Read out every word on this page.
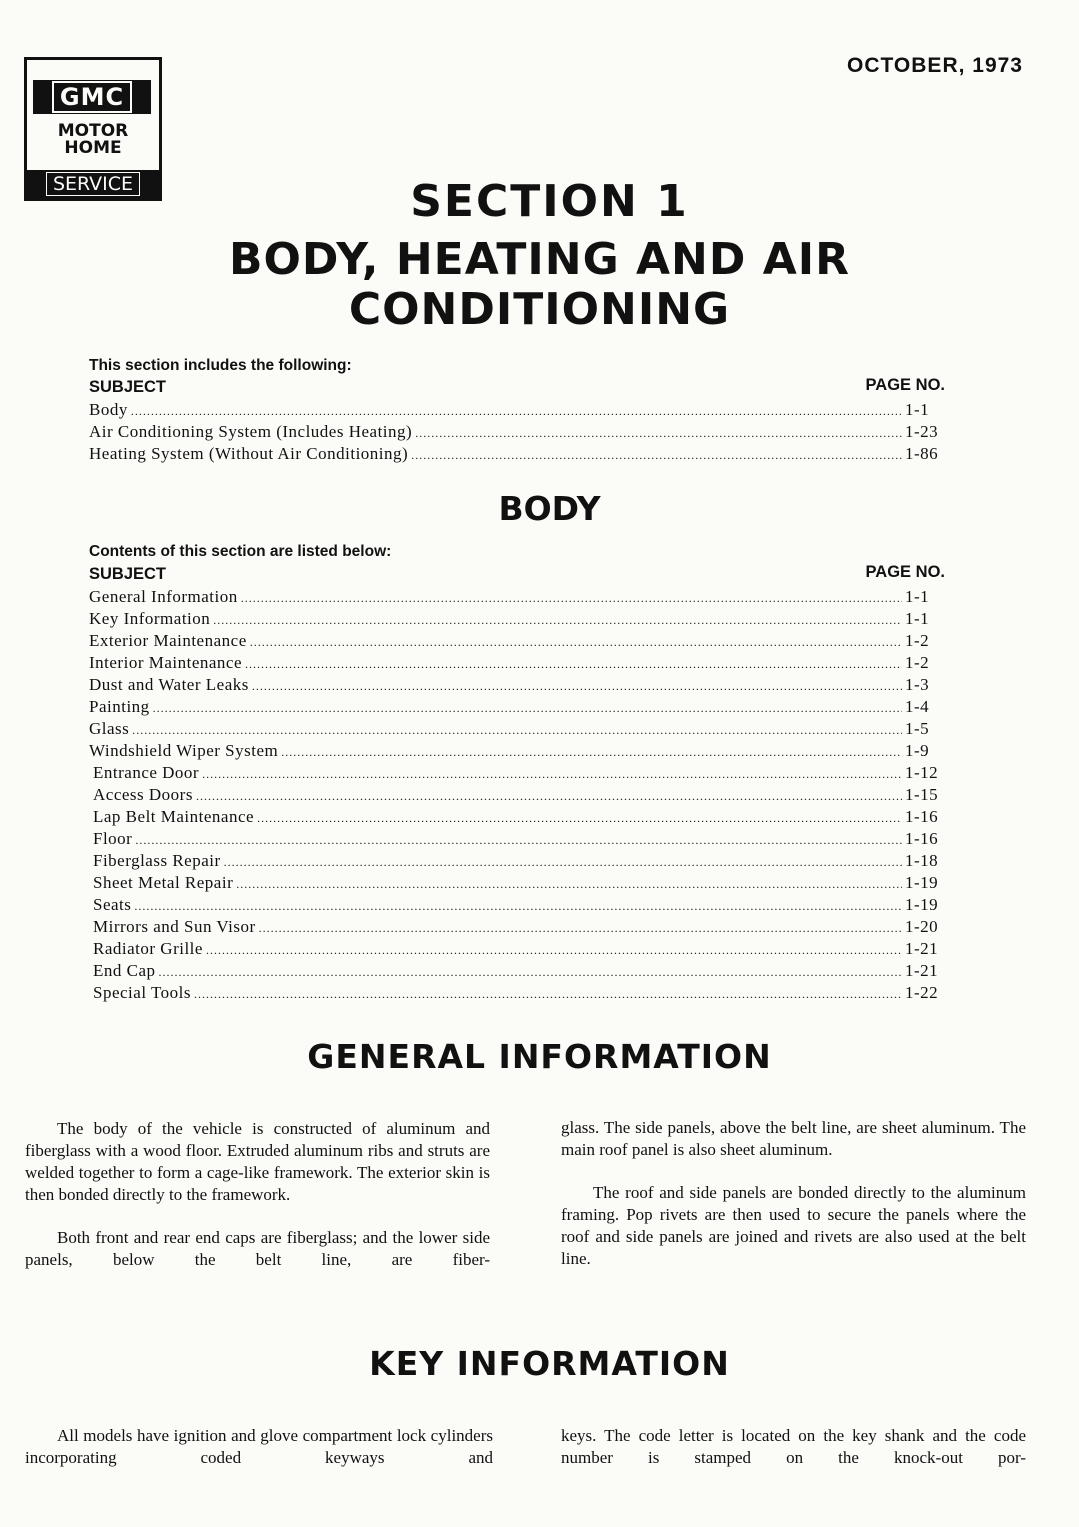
GMC
MOTOR
HOME
SERVICE
OCTOBER, 1973
SECTION 1
BODY, HEATING AND AIR
CONDITIONING
This section includes the following:
SUBJECT	PAGE NO.
Body .....	1-1
Air Conditioning System (Includes Heating) .....	1-23
Heating System (Without Air Conditioning) .....	1-86
BODY
Contents of this section are listed below:
SUBJECT	PAGE NO.
General Information .....	1-1
Key Information .....	1-1
Exterior Maintenance .....	1-2
Interior Maintenance .....	1-2
Dust and Water Leaks .....	1-3
Painting .....	1-4
Glass .....	1-5
Windshield Wiper System .....	1-9
Entrance Door .....	1-12
Access Doors .....	1-15
Lap Belt Maintenance .....	1-16
Floor .....	1-16
Fiberglass Repair .....	1-18
Sheet Metal Repair .....	1-19
Seats .....	1-19
Mirrors and Sun Visor .....	1-20
Radiator Grille .....	1-21
End Cap .....	1-21
Special Tools .....	1-22
GENERAL INFORMATION

The body of the vehicle is constructed of aluminum and fiberglass with a wood floor. Extruded aluminum ribs and struts are welded together to form a cage-like framework. The exterior skin is then bonded directly to the framework.

Both front and rear end caps are fiberglass; and the lower side panels, below the belt line, are fiber-

glass. The side panels, above the belt line, are sheet aluminum. The main roof panel is also sheet aluminum.

The roof and side panels are bonded directly to the aluminum framing. Pop rivets are then used to secure the panels where the roof and side panels are joined and rivets are also used at the belt line.

KEY INFORMATION

All models have ignition and glove compartment lock cylinders incorporating coded keyways and

keys. The code letter is located on the key shank and the code number is stamped on the knock-out por-
